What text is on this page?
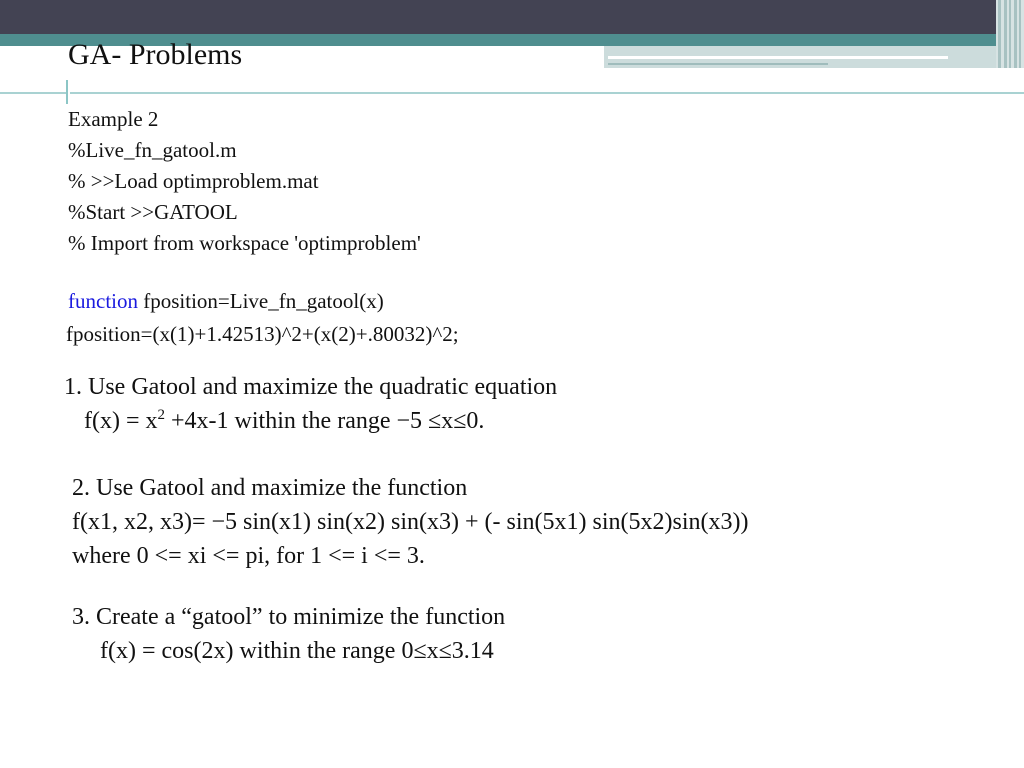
GA- Problems
Example 2
%Live_fn_gatool.m
% >>Load optimproblem.mat
%Start >>GATOOL
% Import from workspace 'optimproblem'
function fposition=Live_fn_gatool(x)
fposition=(x(1)+1.42513)^2+(x(2)+.80032)^2;
1. Use Gatool and maximize the quadratic equation
$f(x) = x^2 +4x-1$ within the range −5 ≤x≤0.
2. Use Gatool and maximize the function
f(x1, x2, x3)= −5 sin(x1) sin(x2) sin(x3) + (- sin(5x1) sin(5x2)sin(x3))
where 0 <= xi <= pi, for 1 <= i <= 3.
3. Create a “gatool” to minimize the function
f(x) = cos(2x) within the range 0≤x≤3.14
